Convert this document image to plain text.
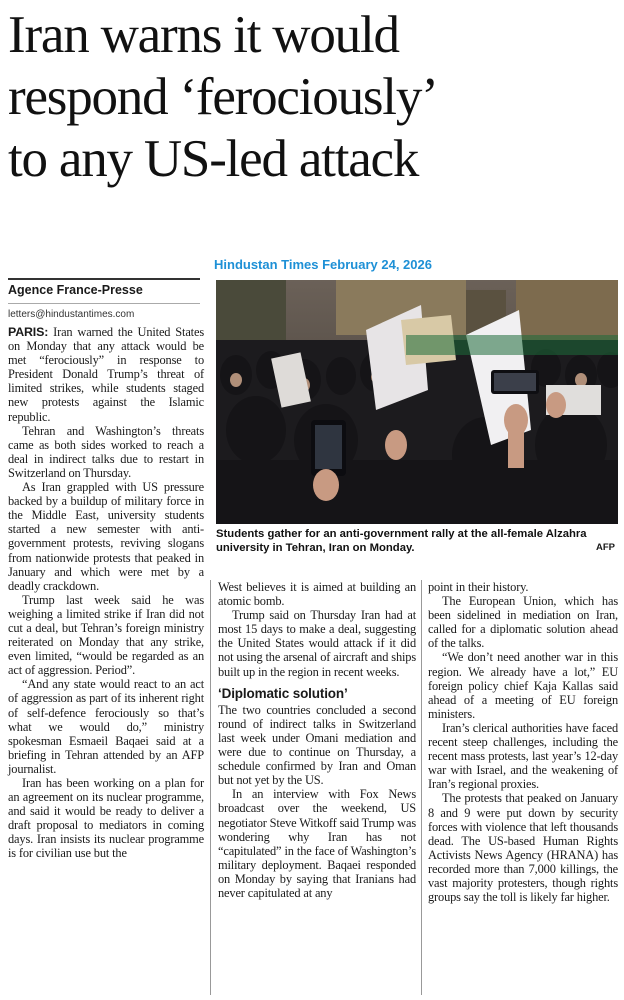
Iran warns it would
respond ‘ferociously’
to any US-led attack
Hindustan Times February 24, 2026
Agence France-Presse
letters@hindustantimes.com

PARIS: Iran warned the United States on Monday that any attack would be met “ferociously” in response to President Donald Trump’s threat of limited strikes, while students staged new protests against the Islamic republic.

Tehran and Washington’s threats came as both sides worked to reach a deal in indirect talks due to restart in Switzerland on Thursday.

As Iran grappled with US pressure backed by a buildup of military force in the Middle East, university students started a new semester with anti-government protests, reviving slogans from nationwide protests that peaked in January and which were met by a deadly crackdown.

Trump last week said he was weighing a limited strike if Iran did not cut a deal, but Tehran’s foreign ministry reiterated on Monday that any strike, even limited, “would be regarded as an act of aggression. Period”.

“And any state would react to an act of aggression as part of its inherent right of self-defence ferociously so that’s what we would do,” ministry spokesman Esmaeil Baqaei said at a briefing in Tehran attended by an AFP journalist.

Iran has been working on a plan for an agreement on its nuclear programme, and said it would be ready to deliver a draft proposal to mediators in coming days. Iran insists its nuclear programme is for civilian use but the

Students gather for an anti-government rally at the all-female Alzahra university in Tehran, Iran on Monday.	AFP

West believes it is aimed at building an atomic bomb.

Trump said on Thursday Iran had at most 15 days to make a deal, suggesting the United States would attack if it did not using the arsenal of aircraft and ships built up in the region in recent weeks.

‘Diplomatic solution’

The two countries concluded a second round of indirect talks in Switzerland last week under Omani mediation and were due to continue on Thursday, a schedule confirmed by Iran and Oman but not yet by the US.

In an interview with Fox News broadcast over the weekend, US negotiator Steve Witkoff said Trump was wondering why Iran has not “capitulated” in the face of Washington’s military deployment. Baqaei responded on Monday by saying that Iranians had never capitulated at any

point in their history.

The European Union, which has been sidelined in mediation on Iran, called for a diplomatic solution ahead of the talks.

“We don’t need another war in this region. We already have a lot,” EU foreign policy chief Kaja Kallas said ahead of a meeting of EU foreign ministers.

Iran’s clerical authorities have faced recent steep challenges, including the recent mass protests, last year’s 12-day war with Israel, and the weakening of Iran’s regional proxies.

The protests that peaked on January 8 and 9 were put down by security forces with violence that left thousands dead. The US-based Human Rights Activists News Agency (HRANA) has recorded more than 7,000 killings, the vast majority protesters, though rights groups say the toll is likely far higher.
